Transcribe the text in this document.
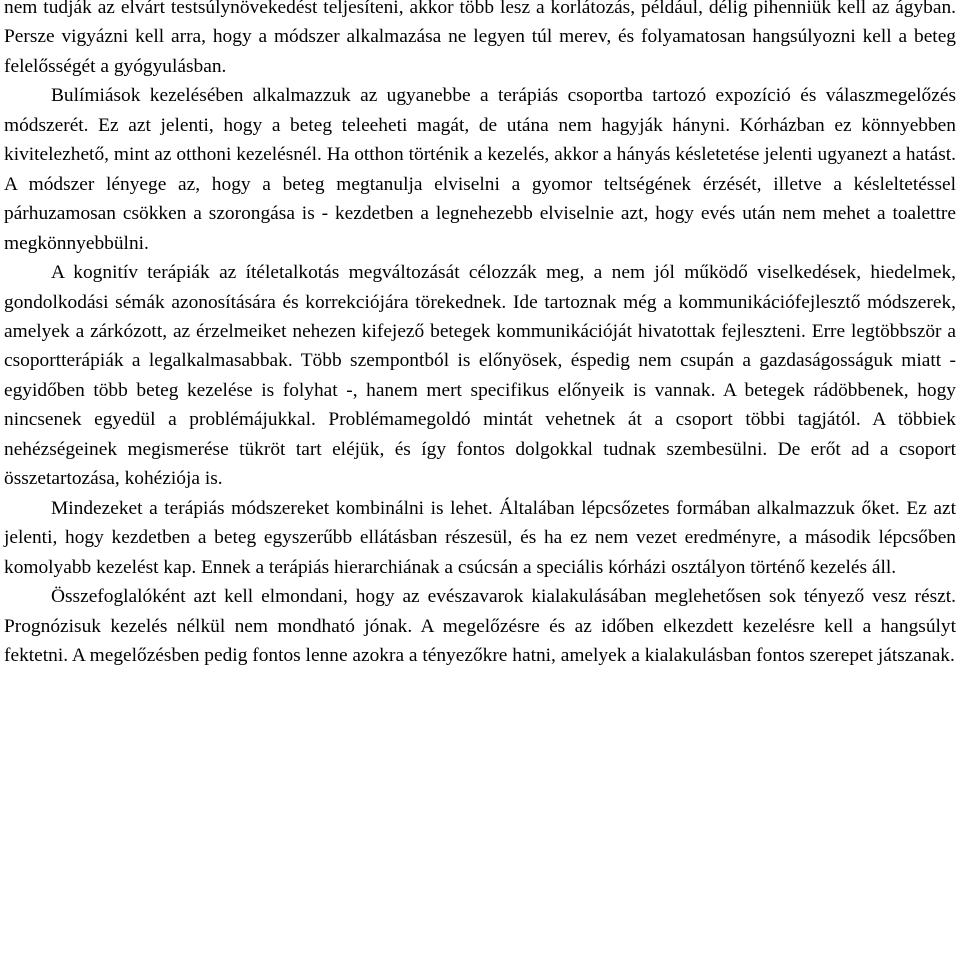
nem tudják az elvárt testsúlynövekedést teljesíteni, akkor több lesz a korlátozás, például, délig pihenniük kell az ágyban. Persze vigyázni kell arra, hogy a módszer alkalmazása ne legyen túl merev, és folyamatosan hangsúlyozni kell a beteg felelősségét a gyógyulásban.

Bulímiások kezelésében alkalmazzuk az ugyanebbe a terápiás csoportba tartozó expozíció és válaszmegelőzés módszerét. Ez azt jelenti, hogy a beteg teleeheti magát, de utána nem hagyják hányni. Kórházban ez könnyebben kivitelezhető, mint az otthoni kezelésnél. Ha otthon történik a kezelés, akkor a hányás késletetése jelenti ugyanezt a hatást. A módszer lényege az, hogy a beteg megtanulja elviselni a gyomor teltségének érzését, illetve a késleltetéssel párhuzamosan csökken a szorongása is - kezdetben a legnehezebb elviselnie azt, hogy evés után nem mehet a toalettre megkönnyebbülni.

A kognitív terápiák az ítéletalkotás megváltozását célozzák meg, a nem jól működő viselkedések, hiedelmek, gondolkodási sémák azonosítására és korrekciójára törekednek. Ide tartoznak még a kommunikációfejlesztő módszerek, amelyek a zárkózott, az érzelmeiket nehezen kifejező betegek kommunikációját hivatottak fejleszteni. Erre legtöbbször a csoportterápiák a legalkalmasabbak. Több szempontból is előnyösek, éspedig nem csupán a gazdaságosságuk miatt - egyidőben több beteg kezelése is folyhat -, hanem mert specifikus előnyeik is vannak. A betegek rádöbbenek, hogy nincsenek egyedül a problémájukkal. Problémamegoldó mintát vehetnek át a csoport többi tagjától. A többiek nehézségeinek megismerése tükröt tart eléjük, és így fontos dolgokkal tudnak szembesülni. De erőt ad a csoport összetartozása, kohéziója is.

Mindezeket a terápiás módszereket kombinálni is lehet. Általában lépcsőzetes formában alkalmazzuk őket. Ez azt jelenti, hogy kezdetben a beteg egyszerűbb ellátásban részesül, és ha ez nem vezet eredményre, a második lépcsőben komolyabb kezelést kap. Ennek a terápiás hierarchiának a csúcsán a speciális kórházi osztályon történő kezelés áll.

Összefoglalóként azt kell elmondani, hogy az evészavarok kialakulásában meglehetősen sok tényező vesz részt. Prognózisuk kezelés nélkül nem mondható jónak. A megelőzésre és az időben elkezdett kezelésre kell a hangsúlyt fektetni. A megelőzésben pedig fontos lenne azokra a tényezőkre hatni, amelyek a kialakulásban fontos szerepet játszanak.
